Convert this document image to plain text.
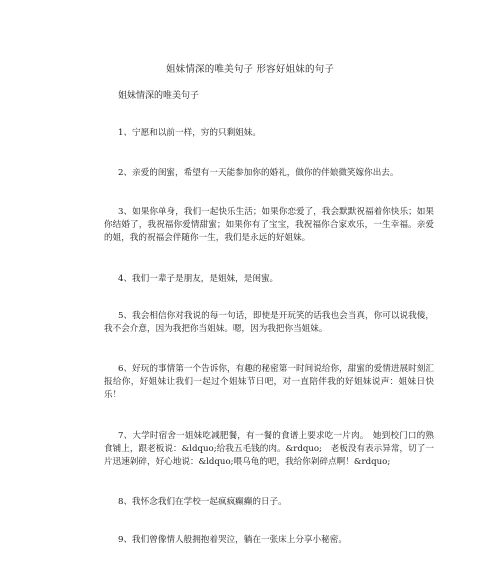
姐妹情深的唯美句子 形容好姐妹的句子
姐妹情深的唯美句子
1、宁愿和以前一样，穷的只剩姐妹。
2、亲爱的闺蜜，希望有一天能参加你的婚礼，做你的伴娘微笑嫁你出去。
3、如果你单身，我们一起快乐生活；如果你恋爱了，我会默默祝福着你快乐；如果你结婚了，我祝福你爱情甜蜜；如果你有了宝宝，我祝福你合家欢乐，一生幸福。亲爱的姐，我的祝福会伴随你一生，我们是永远的好姐妹。
4、我们一辈子是朋友，是姐妹，是闺蜜。
5、我会相信你对我说的每一句话，即使是开玩笑的话我也会当真，你可以说我傻，我不会介意，因为我把你当姐妹。嗯，因为我把你当姐妹。
6、好玩的事情第一个告诉你，有趣的秘密第一时间说给你，甜蜜的爱情进展时刻汇报给你，好姐妹让我们一起过个姐妹节日吧，对一直陪伴我的好姐妹说声：姐妹日快乐！
7、大学时宿舍一姐妹吃减肥餐，有一餐的食谱上要求吃一片肉。　她到校门口的熟食铺上，跟老板说：&ldquo;给我五毛钱的肉。&rdquo;　老板没有表示异常，切了一片迅速剁碎，好心地说：&ldquo;喂乌龟的吧，我给你剁碎点啊！&rdquo;
8、我怀念我们在学校一起疯疯癫癫的日子。
9、我们曾像情人般拥抱着哭泣，躺在一张床上分享小秘密。
